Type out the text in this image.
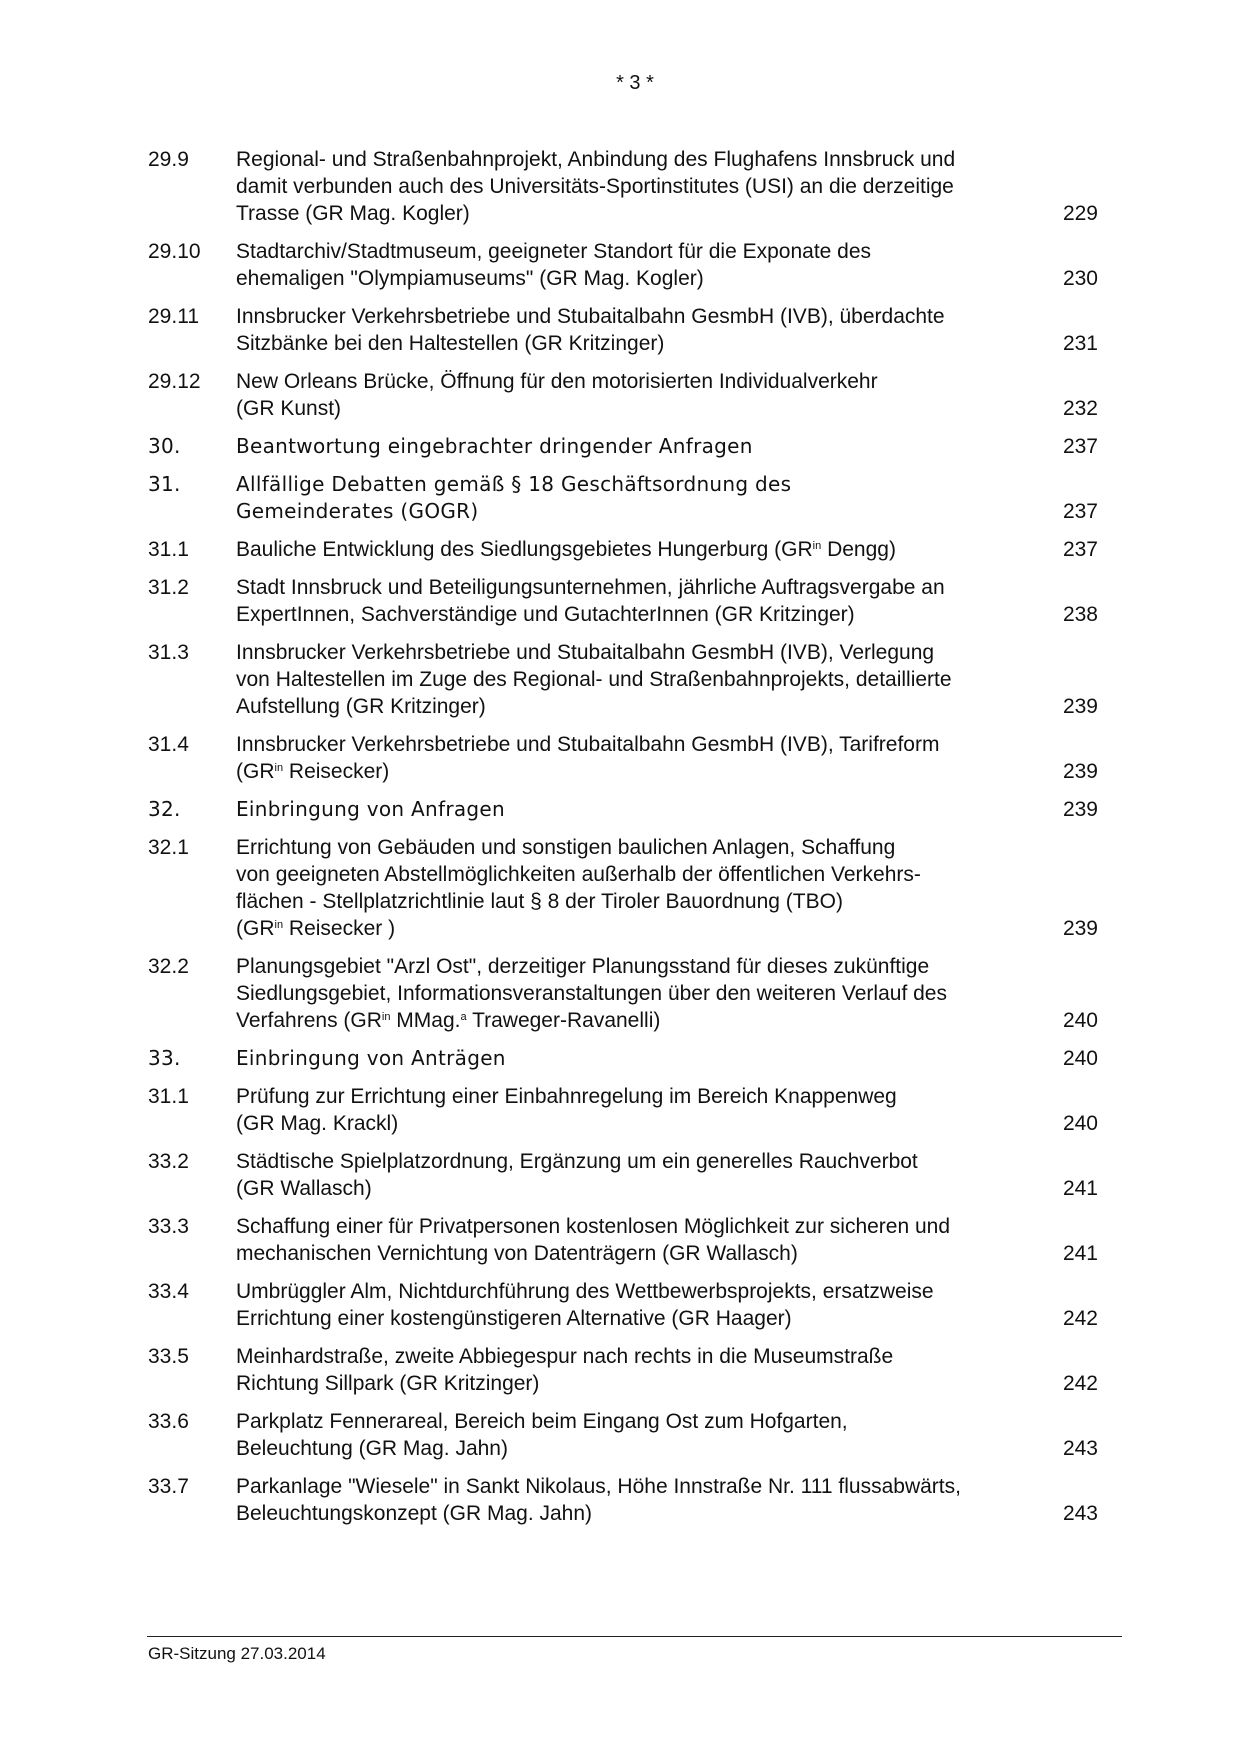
* 3 *
29.9	Regional- und Straßenbahnprojekt, Anbindung des Flughafens Innsbruck und
damit verbunden auch des Universitäts-Sportinstitutes (USI) an die derzeitige
Trasse (GR Mag. Kogler)	229
29.10	Stadtarchiv/Stadtmuseum, geeigneter Standort für die Exponate des
ehemaligen "Olympiamuseums" (GR Mag. Kogler)	230
29.11	Innsbrucker Verkehrsbetriebe und Stubaitalbahn GesmbH (IVB), überdachte
Sitzbänke bei den Haltestellen (GR Kritzinger)	231
29.12	New Orleans Brücke, Öffnung für den motorisierten Individualverkehr
(GR Kunst)	232
30.	Beantwortung eingebrachter dringender Anfragen	237
31.	Allfällige Debatten gemäß § 18 Geschäftsordnung des
Gemeinderates (GOGR)	237
31.1	Bauliche Entwicklung des Siedlungsgebietes Hungerburg ($GR^{in}$ Dengg)	237
31.2	Stadt Innsbruck und Beteiligungsunternehmen, jährliche Auftragsvergabe an
ExpertInnen, Sachverständige und GutachterInnen (GR Kritzinger)	238
31.3	Innsbrucker Verkehrsbetriebe und Stubaitalbahn GesmbH (IVB), Verlegung
von Haltestellen im Zuge des Regional- und Straßenbahnprojekts, detaillierte
Aufstellung (GR Kritzinger)	239
31.4	Innsbrucker Verkehrsbetriebe und Stubaitalbahn GesmbH (IVB), Tarifreform
($GR^{in}$ Reisecker)	239
32.	Einbringung von Anfragen	239
32.1	Errichtung von Gebäuden und sonstigen baulichen Anlagen, Schaffung
von geeigneten Abstellmöglichkeiten außerhalb der öffentlichen Verkehrs-
flächen - Stellplatzrichtlinie laut § 8 der Tiroler Bauordnung (TBO)
($GR^{in}$ Reisecker )	239
32.2	Planungsgebiet "Arzl Ost", derzeitiger Planungsstand für dieses zukünftige
Siedlungsgebiet, Informationsveranstaltungen über den weiteren Verlauf des
Verfahrens ($GR^{in}$ MMag.$^a$ Traweger-Ravanelli)	240
33.	Einbringung von Anträgen	240
31.1	Prüfung zur Errichtung einer Einbahnregelung im Bereich Knappenweg
(GR Mag. Krackl)	240
33.2	Städtische Spielplatzordnung, Ergänzung um ein generelles Rauchverbot
(GR Wallasch)	241
33.3	Schaffung einer für Privatpersonen kostenlosen Möglichkeit zur sicheren und
mechanischen Vernichtung von Datenträgern (GR Wallasch)	241
33.4	Umbrüggler Alm, Nichtdurchführung des Wettbewerbsprojekts, ersatzweise
Errichtung einer kostengünstigeren Alternative (GR Haager)	242
33.5	Meinhardstraße, zweite Abbiegespur nach rechts in die Museumstraße
Richtung Sillpark (GR Kritzinger)	242
33.6	Parkplatz Fennerareal, Bereich beim Eingang Ost zum Hofgarten,
Beleuchtung (GR Mag. Jahn)	243
33.7	Parkanlage "Wiesele" in Sankt Nikolaus, Höhe Innstraße Nr. 111 flussabwärts,
Beleuchtungskonzept (GR Mag. Jahn)	243
GR-Sitzung 27.03.2014
